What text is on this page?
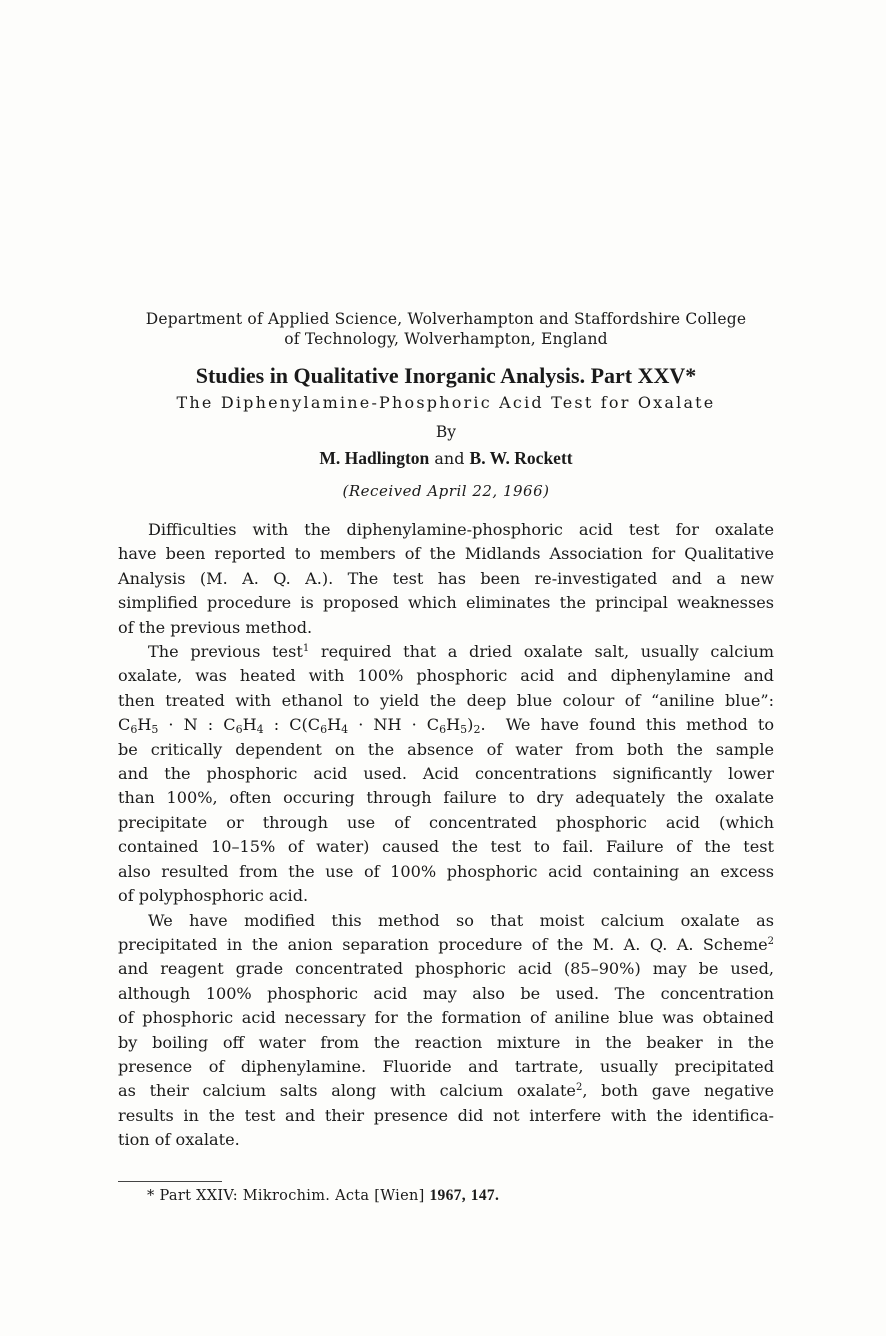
Department of Applied Science, Wolverhampton and Staffordshire College
of Technology, Wolverhampton, England
Studies in Qualitative Inorganic Analysis. Part XXV*
The Diphenylamine-Phosphoric Acid Test for Oxalate
By
M. Hadlington and B. W. Rockett
(Received April 22, 1966)
Difficulties with the diphenylamine-phosphoric acid test for oxalate
have been reported to members of the Midlands Association for Qualitative
Analysis (M. A. Q. A.). The test has been re-investigated and a new
simplified procedure is proposed which eliminates the principal weaknesses
of the previous method.
The previous test$^1$ required that a dried oxalate salt, usually calcium
oxalate, was heated with 100% phosphoric acid and diphenylamine and
then treated with ethanol to yield the deep blue colour of “aniline blue”:
$C_6H_5 \cdot N$ : $C_6H_4$ : $C(C_6H_4$ · NH · $C_6H_5)_2$.  We have found this method to
be critically dependent on the absence of water from both the sample
and the phosphoric acid used. Acid concentrations significantly lower
than 100%, often occuring through failure to dry adequately the oxalate
precipitate or through use of concentrated phosphoric acid (which
contained 10–15% of water) caused the test to fail. Failure of the test
also resulted from the use of 100% phosphoric acid containing an excess
of polyphosphoric acid.
We have modified this method so that moist calcium oxalate as
precipitated in the anion separation procedure of the M. A. Q. A. Scheme$^2$
and reagent grade concentrated phosphoric acid (85–90%) may be used,
although 100% phosphoric acid may also be used. The concentration
of phosphoric acid necessary for the formation of aniline blue was obtained
by boiling off water from the reaction mixture in the beaker in the
presence of diphenylamine. Fluoride and tartrate, usually precipitated
as their calcium salts along with calcium oxalate$^2$, both gave negative
results in the test and their presence did not interfere with the identifica-
tion of oxalate.
* Part XXIV: Mikrochim. Acta [Wien] 1967, 147.
